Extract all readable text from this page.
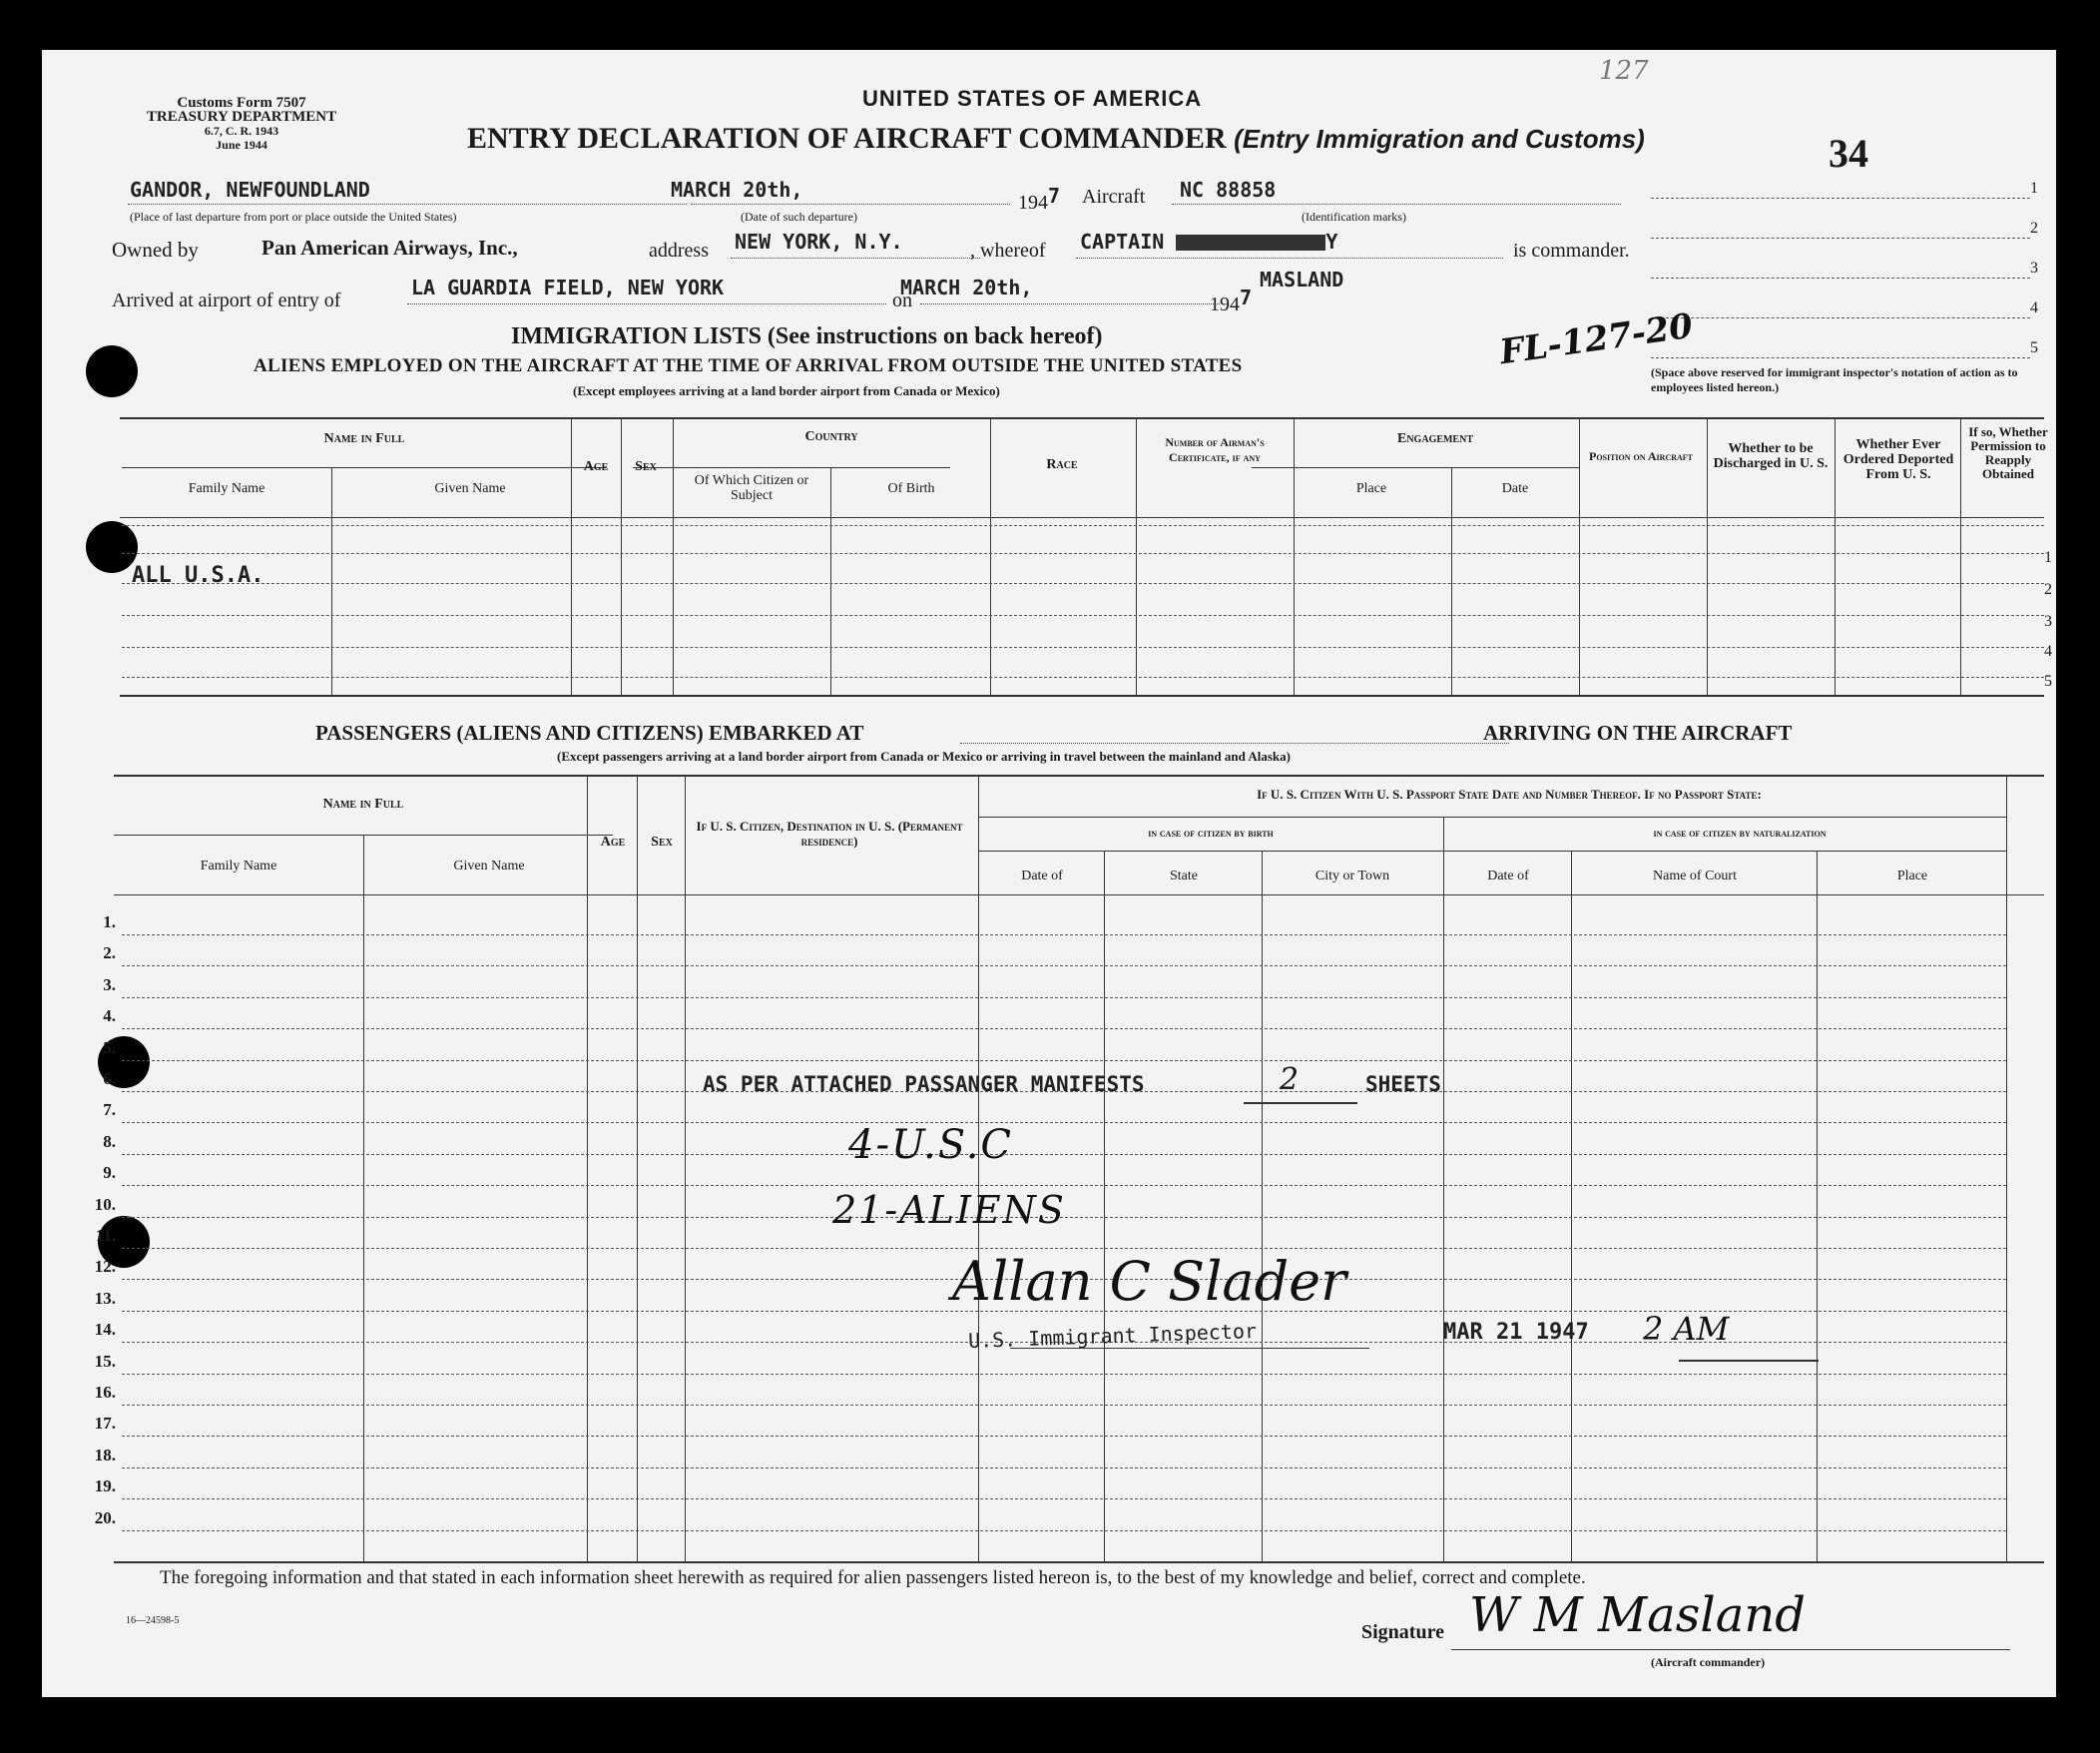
Customs Form 7507
TREASURY DEPARTMENT
6.7, C. R. 1943
June 1944
UNITED STATES OF AMERICA
127
ENTRY DECLARATION OF AIRCRAFT COMMANDER (Entry Immigration and Customs)	34
1
2
3
4
5
(Space above reserved for immigrant inspector's notation of action as to employees listed hereon.)
GANDOR, NEWFOUNDLAND
(Place of last departure from port or place outside the United States)
MARCH 20th,
(Date of such departure)
1947 Aircraft NC 88858
(Identification marks)
Owned by	Pan American Airways, Inc.,	address NEW YORK, N.Y.	, whereof CAPTAIN	Y	is commander.
Arrived at airport of entry of
LA GUARDIA FIELD, NEW YORK
on
MARCH 20th,
1947
MASLAND
FL-127-20
IMMIGRATION LISTS (See instructions on back hereof)
ALIENS EMPLOYED ON THE AIRCRAFT AT THE TIME OF ARRIVAL FROM OUTSIDE THE UNITED STATES
(Except employees arriving at a land border airport from Canada or Mexico)
1
2
3
4
5
Name in Full
Family Name	Given Name
Age	Sex
Country
Of Which Citizen or Subject	Of Birth
Race
Number of Airman's Certificate, if any
Engagement
Place	Date
Position on Aircraft	Whether to be Discharged in U. S.
Whether Ever Ordered Deported From U. S.
If so, Whether Permission to Reapply Obtained
ALL U.S.A.
PASSENGERS (ALIENS AND CITIZENS) EMBARKED AT	ARRIVING ON THE AIRCRAFT
(Except passengers arriving at a land border airport from Canada or Mexico or arriving in travel between the mainland and Alaska)
1.
2.
3.
4.
5.
6.
7.
8.
9.
10.
11.
12.
13.
14.
15.
16.
17.
18.
19.
20.
Name in Full
Family Name	Given Name
Age	Sex
If U. S. Citizen, Destination in U. S. (Permanent residence)
If U. S. Citizen With U. S. Passport State Date and Number Thereof. If no Passport State:
in case of citizen by birth	in case of citizen by naturalization
Date of	State	City or Town	Date of	Name of Court	Place
AS PER ATTACHED PASSANGER MANIFESTS	2	SHEETS
4-U.S.C
21-ALIENS
Allan C Slader
U.S. Immigrant Inspector	MAR 21 1947 2 AM
The foregoing information and that stated in each information sheet herewith as required for alien passengers listed hereon is, to the best of my knowledge and belief, correct and complete.
16—24598-5
Signature W M Masland
(Aircraft commander)
